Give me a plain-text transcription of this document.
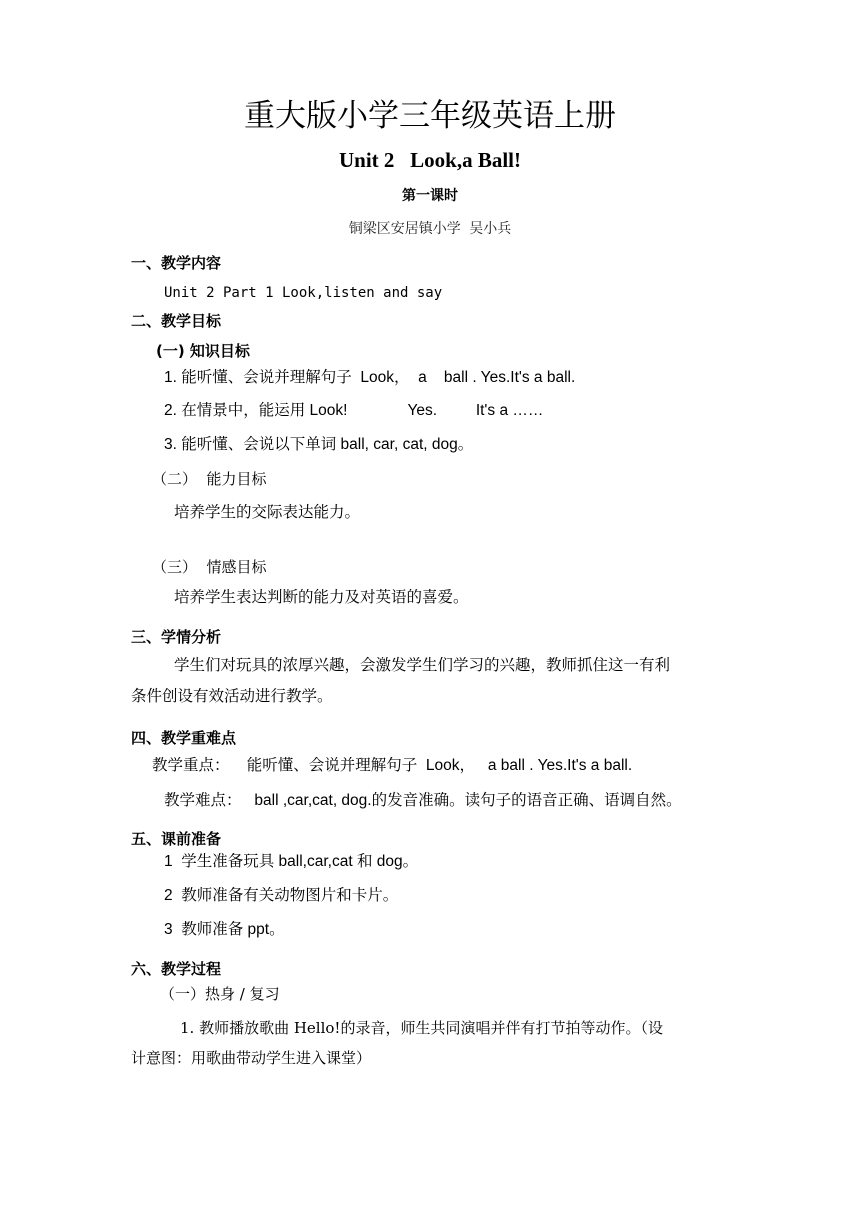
重大版小学三年级英语上册
Unit 2   Look,a Ball!
第一课时
铜梁区安居镇小学 吴小兵
一、教学内容
Unit 2 Part 1 Look,listen and say
二、教学目标
(一) 知识目标
1. 能听懂、会说并理解句子  Look，  a    ball . Yes.It's a ball.
2. 在情景中，能运用 Look!              Yes.         It's a ……
3. 能听懂、会说以下单词 ball, car, cat, dog。
（二）  能力目标
培养学生的交际表达能力。
（三）  情感目标
培养学生表达判断的能力及对英语的喜爱。
三、学情分析
学生们对玩具的浓厚兴趣，会激发学生们学习的兴趣，教师抓住这一有利
条件创设有效活动进行教学。
四、教学重难点
教学重点：    能听懂、会说并理解句子  Look，   a ball . Yes.It's a ball.
教学难点：   ball ,car,cat, dog.的发音准确。读句子的语音正确、语调自然。
五、课前准备
1  学生准备玩具 ball,car,cat 和 dog。
2  教师准备有关动物图片和卡片。
3  教师准备 ppt。
六、教学过程
（一）热身 / 复习
1. 教师播放歌曲 Hello!的录音，师生共同演唱并伴有打节拍等动作。（设
计意图：用歌曲带动学生进入课堂）
